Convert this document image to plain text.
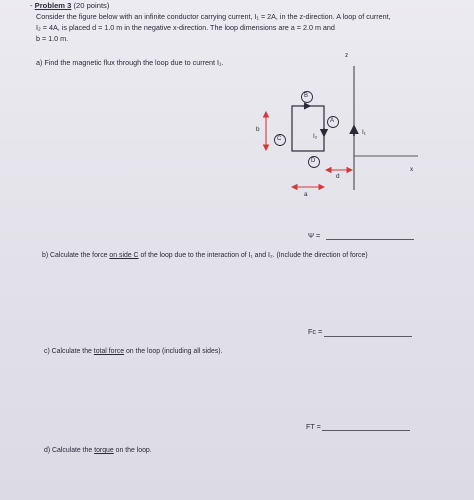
- Problem 3 (20 points)
Consider the figure below with an infinite conductor carrying current, I₁ = 2A, in the z-direction. A loop of current,
I₂ = 4A, is placed d = 1.0 m in the negative x-direction. The loop dimensions are a = 2.0 m and
b = 1.0 m.
a) Find the magnetic flux through the loop due to current I₁.
z
x
I₁
I₂
B
A
C
D
b
a
d
Ψ =
b) Calculate the force on side C of the loop due to the interaction of I₁ and I₂. (Include the direction of force)
Fc =
c) Calculate the total force on the loop (including all sides).
FT =
d) Calculate the torque on the loop.
